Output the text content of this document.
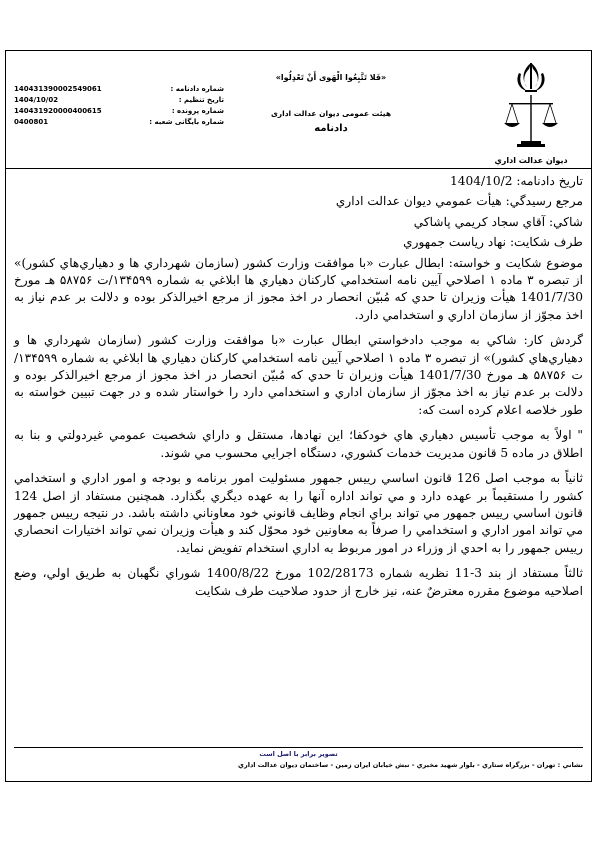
ديوان عدالت اداري
«فَلا تَتَّبِعُوا الْهَوى أَنْ تَعْدِلُوا»
هيئت عمومی ديوان عدالت اداری
دادنامه
شماره دادنامه :
140431390002549061
تاریخ تنظیم :
1404/10/02
شماره پرونده :
140431920000400615
شماره بایگانی شعبه :
0400801

تاریخ دادنامه: 1404/10/2

مرجع رسيدگي: هيأت عمومي ديوان عدالت اداري

شاكي: آقاي سجاد كريمي پاشاكي

طرف شكايت: نهاد رياست جمهوري

موضوع شكايت و خواسته: ابطال عبارت «با موافقت وزارت كشور (سازمان شهرداري ها و دهياري‌هاي كشور)» از تبصره ۳ ماده ۱ اصلاحي آيين نامه استخدامي كاركنان دهياري ها ابلاغي به شماره ۱۳۴۵۹۹/ت ۵۸۷۵۶ هـ مورخ 1401/7/30 هيأت وزيران تا حدي كه مُبيّن انحصار در اخذ مجوز از مرجع اخيرالذكر بوده و دلالت بر عدم نياز به اخذ مجوّز از سازمان اداري و استخدامي دارد.

گردش كار: شاكي به موجب دادخواستي ابطال عبارت «با موافقت وزارت كشور (سازمان شهرداري ها و دهياري‌هاي كشور)» از تبصره ۳ ماده ۱ اصلاحي آيين نامه استخدامي كاركنان دهياري ها ابلاغي به شماره ۱۳۴۵۹۹/ت ۵۸۷۵۶ هـ مورخ 1401/7/30 هيأت وزيران تا حدي كه مُبيّن انحصار در اخذ مجوز از مرجع اخيرالذكر بوده و دلالت بر عدم نياز به اخذ مجوّز از سازمان اداري و استخدامي دارد را خواستار شده و در جهت تبيين خواسته به طور خلاصه اعلام كرده است كه:

" اولاً به موجب تأسيس دهياري هاي خودكفا؛ اين نهادها، مستقل و داراي شخصيت عمومي غيردولتي و بنا به اطلاق در ماده 5 قانون مديريت خدمات كشوري، دستگاه اجرايي محسوب مي شوند.

ثانياً به موجب اصل 126 قانون اساسي رييس جمهور مسئوليت امور برنامه و بودجه و امور اداري و استخدامي كشور را مستقيماً بر عهده دارد و مي تواند اداره آنها را به عهده ديگري بگذارد. همچنين مستفاد از اصل 124 قانون اساسي رييس جمهور مي تواند براي انجام وظايف قانوني خود معاوناني داشته باشد. در نتيجه رييس جمهور مي تواند امور اداري و استخدامي را صرفاً به معاونين خود محوّل كند و هيأت وزيران نمي تواند اختيارات انحصاري رييس جمهور را به احدي از وزراء در امور مربوط به اداري استخدام تفويض نمايد.

ثالثاً مستفاد از بند 3-11 نظريه شماره 102/28173 مورخ 1400/8/22 شوراي نگهبان به طريق اولي، وضع اصلاحيه موضوع مقرره معترضٌ عنه، نيز خارج از حدود صلاحيت طرف شكايت

تصوير برابر با اصل است
نشاني : تهران - بزرگراه ستاري - بلوار شهيد مخبري - نبش خيابان ايران زمين - ساختمان ديوان عدالت اداري
